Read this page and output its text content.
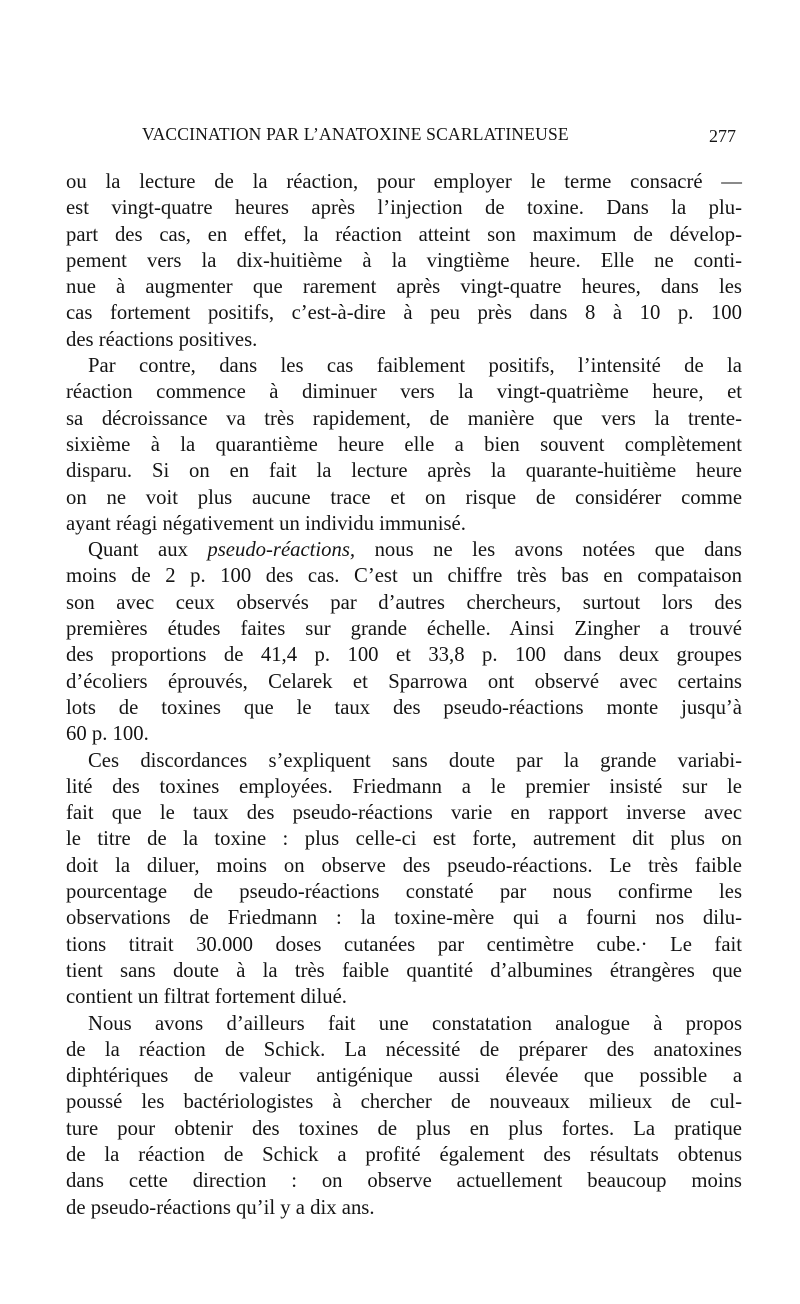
VACCINATION PAR L’ANATOXINE SCARLATINEUSE	277
ou la lecture de la réaction, pour employer le terme consacré —
est vingt-quatre heures après l’injection de toxine. Dans la plu-
part des cas, en effet, la réaction atteint son maximum de dévelop-
pement vers la dix-huitième à la vingtième heure. Elle ne conti-
nue à augmenter que rarement après vingt-quatre heures, dans les
cas fortement positifs, c’est-à-dire à peu près dans 8 à 10 p. 100
des réactions positives.
Par contre, dans les cas faiblement positifs, l’intensité de la
réaction commence à diminuer vers la vingt-quatrième heure, et
sa décroissance va très rapidement, de manière que vers la trente-
sixième à la quarantième heure elle a bien souvent complètement
disparu. Si on en fait la lecture après la quarante-huitième heure
on ne voit plus aucune trace et on risque de considérer comme
ayant réagi négativement un individu immunisé.
Quant aux pseudo-réactions, nous ne les avons notées que dans
moins de 2 p. 100 des cas. C’est un chiffre très bas en compataison
son avec ceux observés par d’autres chercheurs, surtout lors des
premières études faites sur grande échelle. Ainsi Zingher a trouvé
des proportions de 41,4 p. 100 et 33,8 p. 100 dans deux groupes
d’écoliers éprouvés, Celarek et Sparrowa ont observé avec certains
lots de toxines que le taux des pseudo-réactions monte jusqu’à
60 p. 100.
Ces discordances s’expliquent sans doute par la grande variabi-
lité des toxines employées. Friedmann a le premier insisté sur le
fait que le taux des pseudo-réactions varie en rapport inverse avec
le titre de la toxine : plus celle-ci est forte, autrement dit plus on
doit la diluer, moins on observe des pseudo-réactions. Le très faible
pourcentage de pseudo-réactions constaté par nous confirme les
observations de Friedmann : la toxine-mère qui a fourni nos dilu-
tions titrait 30.000 doses cutanées par centimètre cube.· Le fait
tient sans doute à la très faible quantité d’albumines étrangères que
contient un filtrat fortement dilué.
Nous avons d’ailleurs fait une constatation analogue à propos
de la réaction de Schick. La nécessité de préparer des anatoxines
diphtériques de valeur antigénique aussi élevée que possible a
poussé les bactériologistes à chercher de nouveaux milieux de cul-
ture pour obtenir des toxines de plus en plus fortes. La pratique
de la réaction de Schick a profité également des résultats obtenus
dans cette direction : on observe actuellement beaucoup moins
de pseudo-réactions qu’il y a dix ans.
